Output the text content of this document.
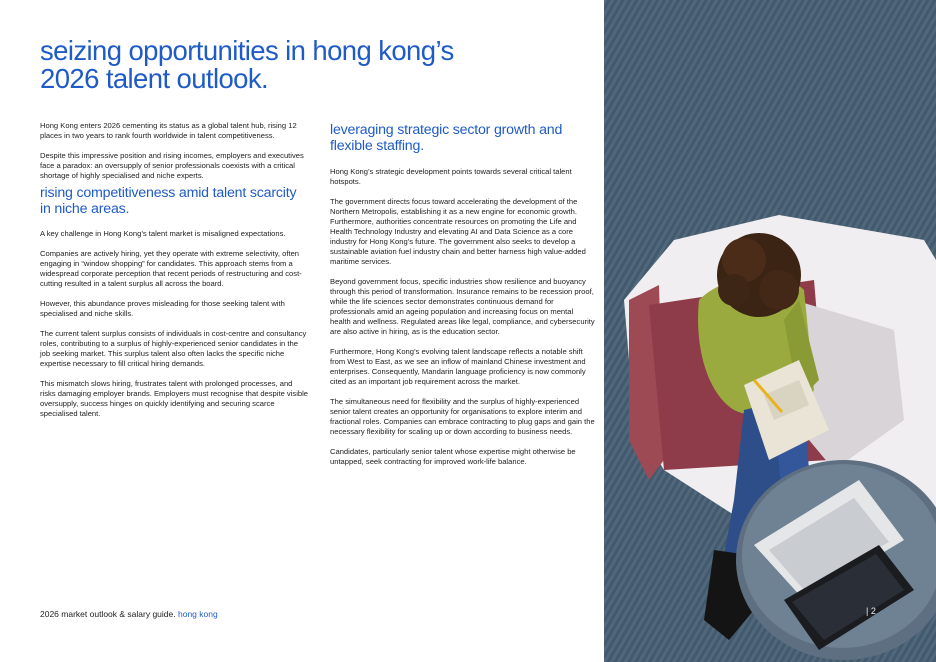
seizing opportunities in hong kong’s
2026 talent outlook.

Hong Kong enters 2026 cementing its status as a global talent hub, rising 12 places in two years to rank fourth worldwide in talent competitiveness.

Despite this impressive position and rising incomes, employers and executives face a paradox: an oversupply of senior professionals coexists with a critical shortage of highly specialised and niche experts.

rising competitiveness amid talent scarcity in niche areas.

A key challenge in Hong Kong’s talent market is misaligned expectations.

Companies are actively hiring, yet they operate with extreme selectivity, often engaging in “window shopping” for candidates. This approach stems from a widespread corporate perception that recent periods of restructuring and cost-cutting resulted in a talent surplus all across the board.

However, this abundance proves misleading for those seeking talent with specialised and niche skills.

The current talent surplus consists of individuals in cost-centre and consultancy roles, contributing to a surplus of highly-experienced senior candidates in the job seeking market. This surplus talent also often lacks the specific niche expertise necessary to fill critical hiring demands.

This mismatch slows hiring, frustrates talent with prolonged processes, and risks damaging employer brands. Employers must recognise that despite visible oversupply, success hinges on quickly identifying and securing scarce specialised talent.

leveraging strategic sector growth and flexible staffing.

Hong Kong’s strategic development points towards several critical talent hotspots.

The government directs focus toward accelerating the development of the Northern Metropolis, establishing it as a new engine for economic growth. Furthermore, authorities concentrate resources on promoting the Life and Health Technology Industry and elevating AI and Data Science as a core industry for Hong Kong’s future. The government also seeks to develop a sustainable aviation fuel industry chain and better harness high value-added maritime services.

Beyond government focus, specific industries show resilience and buoyancy through this period of transformation. Insurance remains to be recession proof, while the life sciences sector demonstrates continuous demand for professionals amid an ageing population and increasing focus on mental health and wellness. Regulated areas like legal, compliance, and cybersecurity are also active in hiring, as is the education sector.

Furthermore, Hong Kong’s evolving talent landscape reflects a notable shift from West to East, as we see an inflow of mainland Chinese investment and enterprises. Consequently, Mandarin language proficiency is now commonly cited as an important job requirement across the market.

The simultaneous need for flexibility and the surplus of highly-experienced senior talent creates an opportunity for organisations to explore interim and fractional roles. Companies can embrace contracting to plug gaps and gain the necessary flexibility for scaling up or down according to business needs.

Candidates, particularly senior talent whose expertise might otherwise be untapped, seek contracting for improved work-life balance.

2026 market outlook & salary guide. hong kong	| 2
